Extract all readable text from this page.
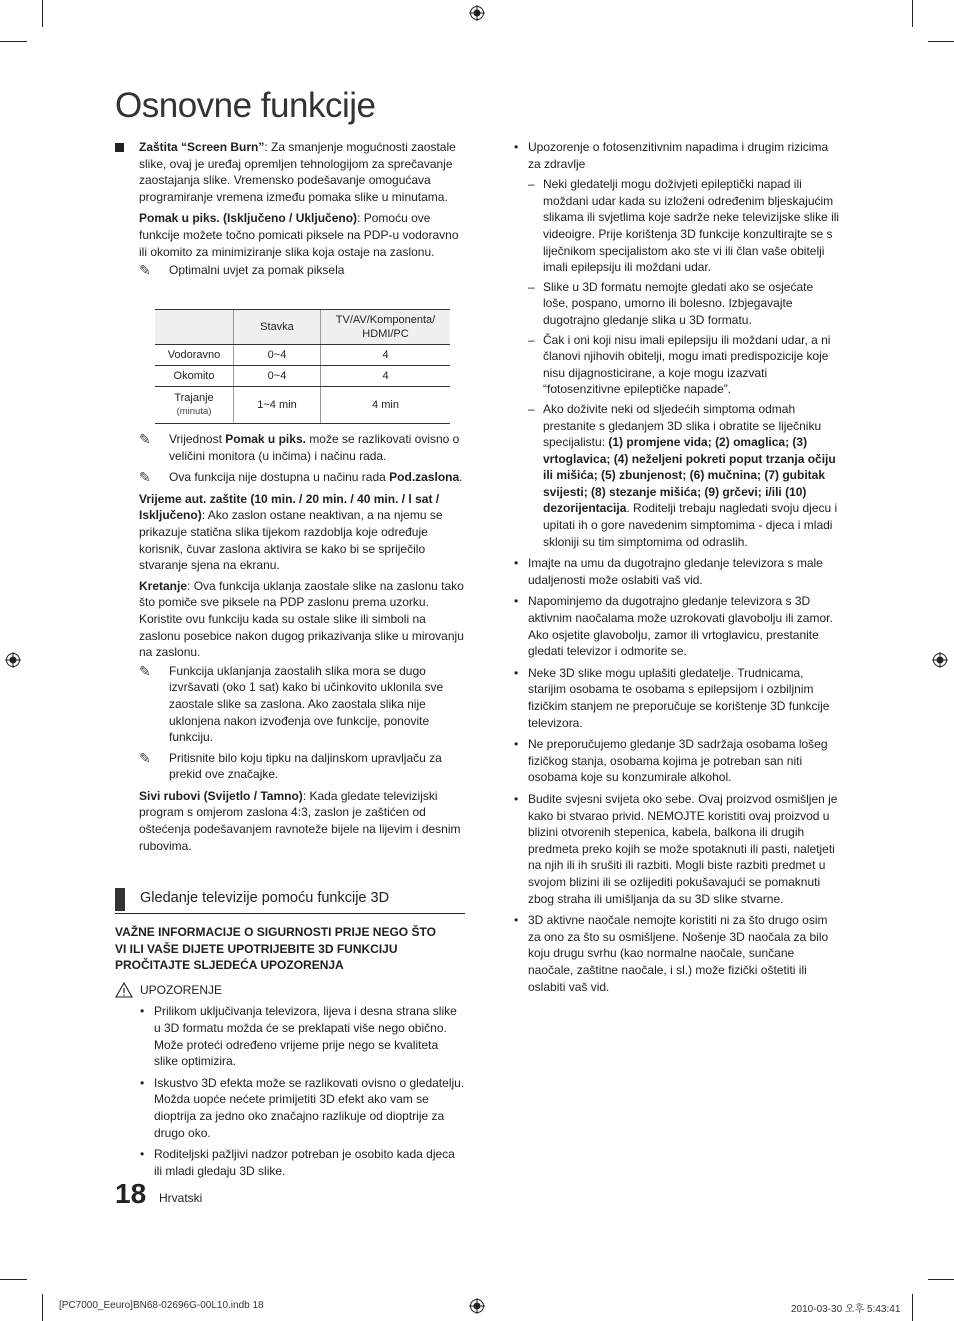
Osnovne funkcije

Zaštita “Screen Burn”: Za smanjenje mogućnosti zaostale slike, ovaj je uređaj opremljen tehnologijom za sprečavanje zaostajanja slike. Vremensko podešavanje omogućava programiranje vremena između pomaka slike u minutama.

Pomak u piks. (Isključeno / Uključeno): Pomoću ove funkcije možete točno pomicati piksele na PDP-u vodoravno ili okomito za minimiziranje slika koja ostaje na zaslonu.

✎ Optimalni uvjet za pomak piksela
	Stavka	TV/AV/Komponenta/ HDMI/PC
Vodoravno	0~4	4
Okomito	0~4	4

Trajanje
(minuta)	1~4 min	4 min
✎ Vrijednost Pomak u piks. može se razlikovati ovisno o veličini monitora (u inčima) i načinu rada.
✎ Ova funkcija nije dostupna u načinu rada Pod.zaslona.

Vrijeme aut. zaštite (10 min. / 20 min. / 40 min. / l sat / Isključeno): Ako zaslon ostane neaktivan, a na njemu se prikazuje statična slika tijekom razdoblja koje određuje korisnik, čuvar zaslona aktivira se kako bi se spriječilo stvaranje sjena na ekranu.

Kretanje: Ova funkcija uklanja zaostale slike na zaslonu tako što pomiče sve piksele na PDP zaslonu prema uzorku. Koristite ovu funkciju kada su ostale slike ili simboli na zaslonu posebice nakon dugog prikazivanja slike u mirovanju na zaslonu.

✎ Funkcija uklanjanja zaostalih slika mora se dugo izvršavati (oko 1 sat) kako bi učinkovito uklonila sve zaostale slike sa zaslona. Ako zaostala slika nije uklonjena nakon izvođenja ove funkcije, ponovite funkciju.
✎ Pritisnite bilo koju tipku na daljinskom upravljaču za prekid ove značajke.

Sivi rubovi (Svijetlo / Tamno): Kada gledate televizijski program s omjerom zaslona 4:3, zaslon je zaštićen od oštećenja podešavanjem ravnoteže bijele na lijevim i desnim rubovima.

Gledanje televizije pomoću funkcije 3D

VAŽNE INFORMACIJE O SIGURNOSTI PRIJE NEGO ŠTO VI ILI VAŠE DIJETE UPOTRIJEBITE 3D FUNKCIJU PROČITAJTE SLJEDEĆA UPOZORENJA

UPOZORENJE
• Prilikom uključivanja televizora, lijeva i desna strana slike u 3D formatu možda će se preklapati više nego obično. Može proteći određeno vrijeme prije nego se kvaliteta slike optimizira.
• Iskustvo 3D efekta može se razlikovati ovisno o gledatelju. Možda uopće nećete primijetiti 3D efekt ako vam se dioptrija za jedno oko značajno razlikuje od dioptrije za drugo oko.
• Roditeljski pažljivi nadzor potreban je osobito kada djeca ili mladi gledaju 3D slike.
• Upozorenje o fotosenzitivnim napadima i drugim rizicima za zdravlje
– Neki gledatelji mogu doživjeti epileptički napad ili moždani udar kada su izloženi određenim bljeskajućim slikama ili svjetlima koje sadrže neke televizijske slike ili videoigre. Prije korištenja 3D funkcije konzultirajte se s liječnikom specijalistom ako ste vi ili član vaše obitelji imali epilepsiju ili moždani udar.
– Slike u 3D formatu nemojte gledati ako se osjećate loše, pospano, umorno ili bolesno. Izbjegavajte dugotrajno gledanje slika u 3D formatu.
– Čak i oni koji nisu imali epilepsiju ili moždani udar, a ni članovi njihovih obitelji, mogu imati predispozicije koje nisu dijagnosticirane, a koje mogu izazvati “fotosenzitivne epileptičke napade”.
– Ako doživite neki od sljedećih simptoma odmah prestanite s gledanjem 3D slika i obratite se liječniku specijalistu: (1) promjene vida; (2) omaglica; (3) vrtoglavica; (4) neželjeni pokreti poput trzanja očiju ili mišića; (5) zbunjenost; (6) mučnina; (7) gubitak svijesti; (8) stezanje mišića; (9) grčevi; i/ili (10) dezorijentacija. Roditelji trebaju nagledati svoju djecu i upitati ih o gore navedenim simptomima - djeca i mladi skloniji su tim simptomima od odraslih.
• Imajte na umu da dugotrajno gledanje televizora s male udaljenosti može oslabiti vaš vid.
• Napominjemo da dugotrajno gledanje televizora s 3D aktivnim naočalama može uzrokovati glavobolju ili zamor. Ako osjetite glavobolju, zamor ili vrtoglavicu, prestanite gledati televizor i odmorite se.
• Neke 3D slike mogu uplašiti gledatelje. Trudnicama, starijim osobama te osobama s epilepsijom i ozbiljnim fizičkim stanjem ne preporučuje se korištenje 3D funkcije televizora.
• Ne preporučujemo gledanje 3D sadržaja osobama lošeg fizičkog stanja, osobama kojima je potreban san niti osobama koje su konzumirale alkohol.
• Budite svjesni svijeta oko sebe. Ovaj proizvod osmišljen je kako bi stvarao privid. NEMOJTE koristiti ovaj proizvod u blizini otvorenih stepenica, kabela, balkona ili drugih predmeta preko kojih se može spotaknuti ili pasti, naletjeti na njih ili ih srušiti ili razbiti. Mogli biste razbiti predmet u svojom blizini ili se ozlijediti pokušavajući se pomaknuti zbog straha ili umišljanja da su 3D slike stvarne.
• 3D aktivne naočale nemojte koristiti ni za što drugo osim za ono za što su osmišljene. Nošenje 3D naočala za bilo koju drugu svrhu (kao normalne naočale, sunčane naočale, zaštitne naočale, i sl.) može fizički oštetiti ili oslabiti vaš vid.
18 Hrvatski
[PC7000_Eeuro]BN68-02696G-00L10.indb 18	2010-03-30 오후 5:43:41
